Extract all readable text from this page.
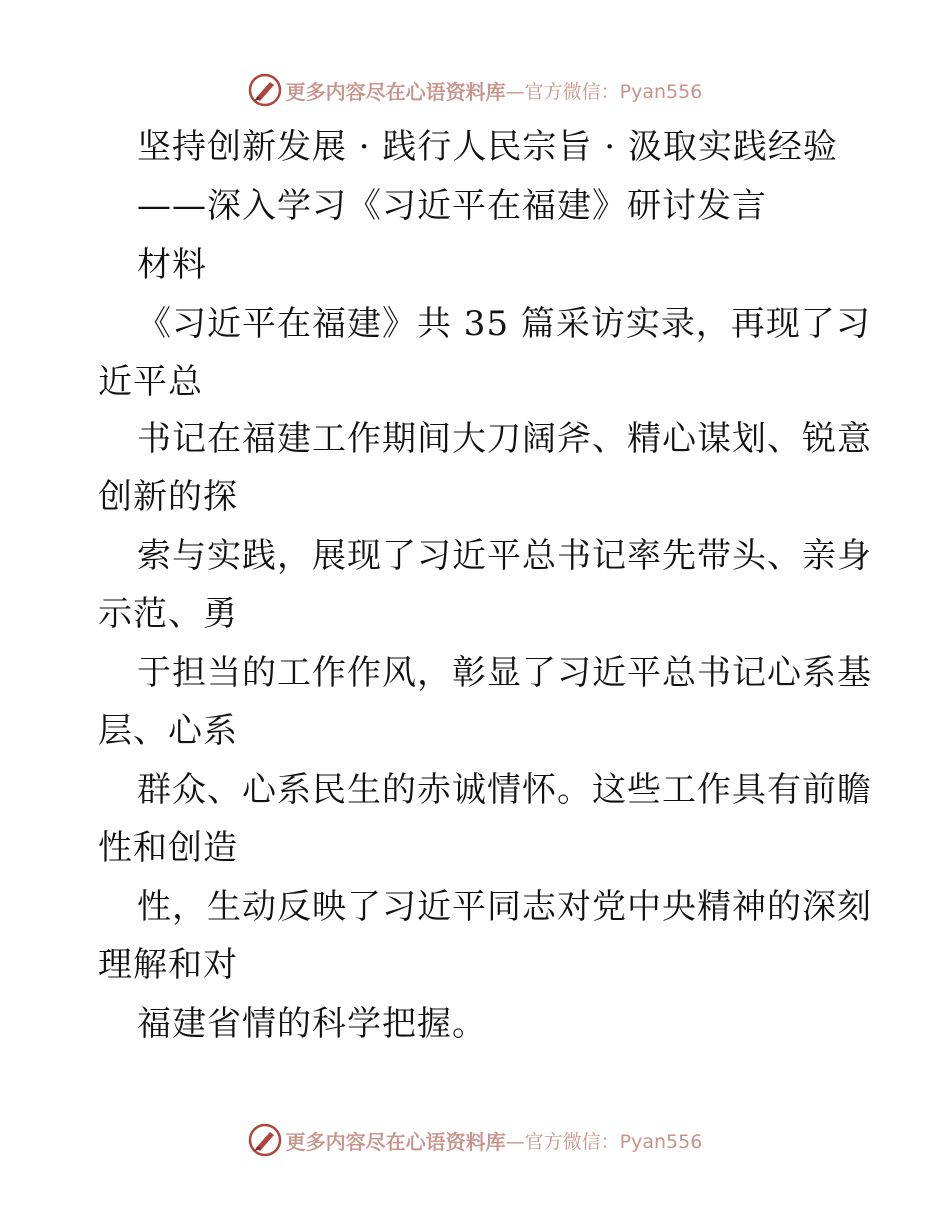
更多内容尽在心语资料库 —官方微信：Pyan556
坚持创新发展 · 践行人民宗旨 · 汲取实践经验
——深入学习《习近平在福建》研讨发言
材料
《习近平在福建》共 35 篇采访实录，再现了习
近平总
书记在福建工作期间大刀阔斧、精心谋划、锐意
创新的探
索与实践，展现了习近平总书记率先带头、亲身
示范、勇
于担当的工作作风，彰显了习近平总书记心系基
层、心系
群众、心系民生的赤诚情怀。这些工作具有前瞻
性和创造
性，生动反映了习近平同志对党中央精神的深刻
理解和对
福建省情的科学把握。
更多内容尽在心语资料库 —官方微信：Pyan556
